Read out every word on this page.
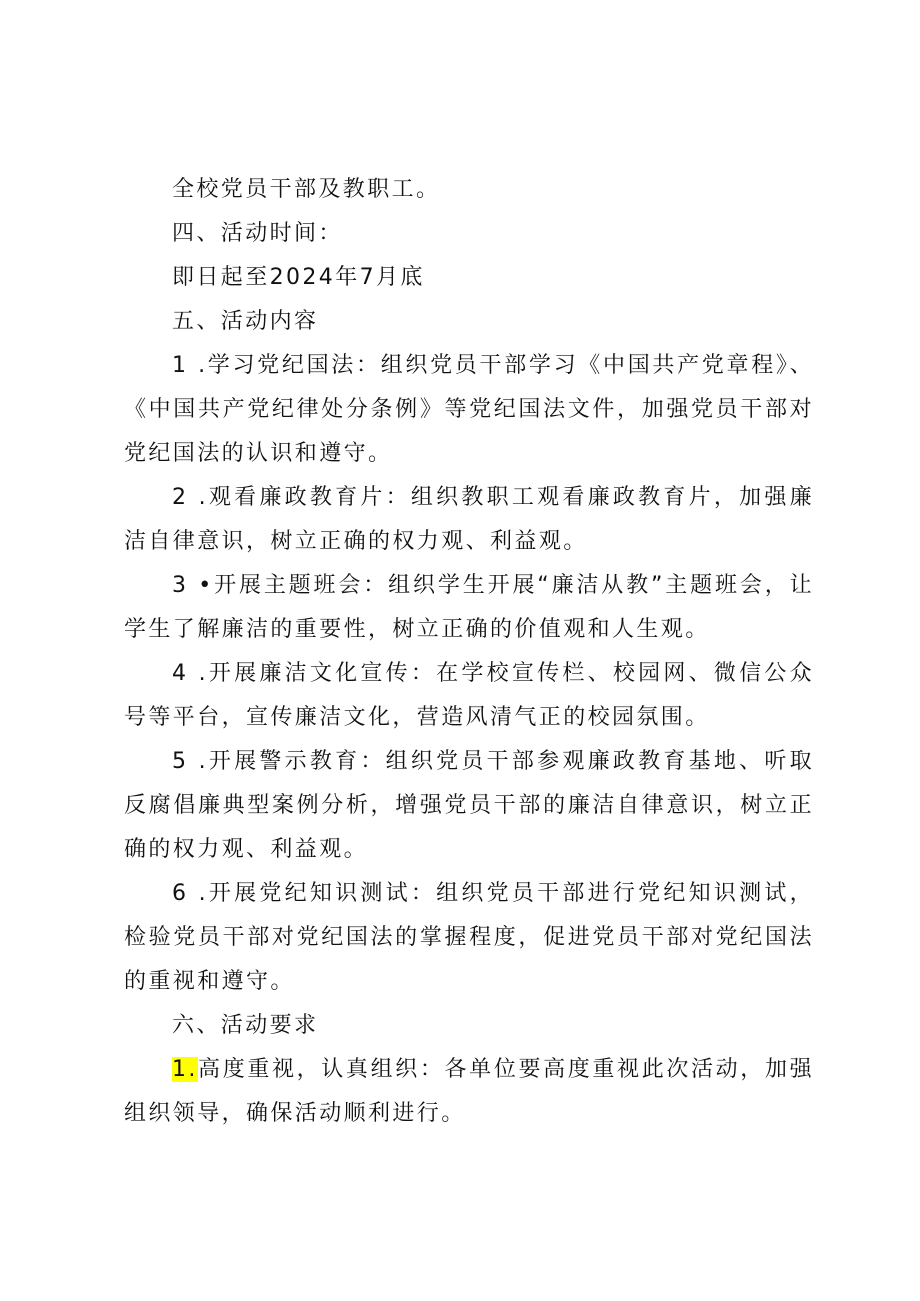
全校党员干部及教职工。

四、活动时间：

即日起至2024年7月底

五、活动内容

1 .学习党纪国法：组织党员干部学习《中国共产党章程》、《中国共产党纪律处分条例》等党纪国法文件，加强党员干部对党纪国法的认识和遵守。

2 .观看廉政教育片：组织教职工观看廉政教育片，加强廉洁自律意识，树立正确的权力观、利益观。

3 •开展主题班会：组织学生开展“廉洁从教”主题班会，让学生了解廉洁的重要性，树立正确的价值观和人生观。

4 .开展廉洁文化宣传：在学校宣传栏、校园网、微信公众号等平台，宣传廉洁文化，营造风清气正的校园氛围。

5 .开展警示教育：组织党员干部参观廉政教育基地、听取反腐倡廉典型案例分析，增强党员干部的廉洁自律意识，树立正确的权力观、利益观。

6 .开展党纪知识测试：组织党员干部进行党纪知识测试，检验党员干部对党纪国法的掌握程度，促进党员干部对党纪国法的重视和遵守。

六、活动要求

1.高度重视，认真组织：各单位要高度重视此次活动，加强组织领导，确保活动顺利进行。
